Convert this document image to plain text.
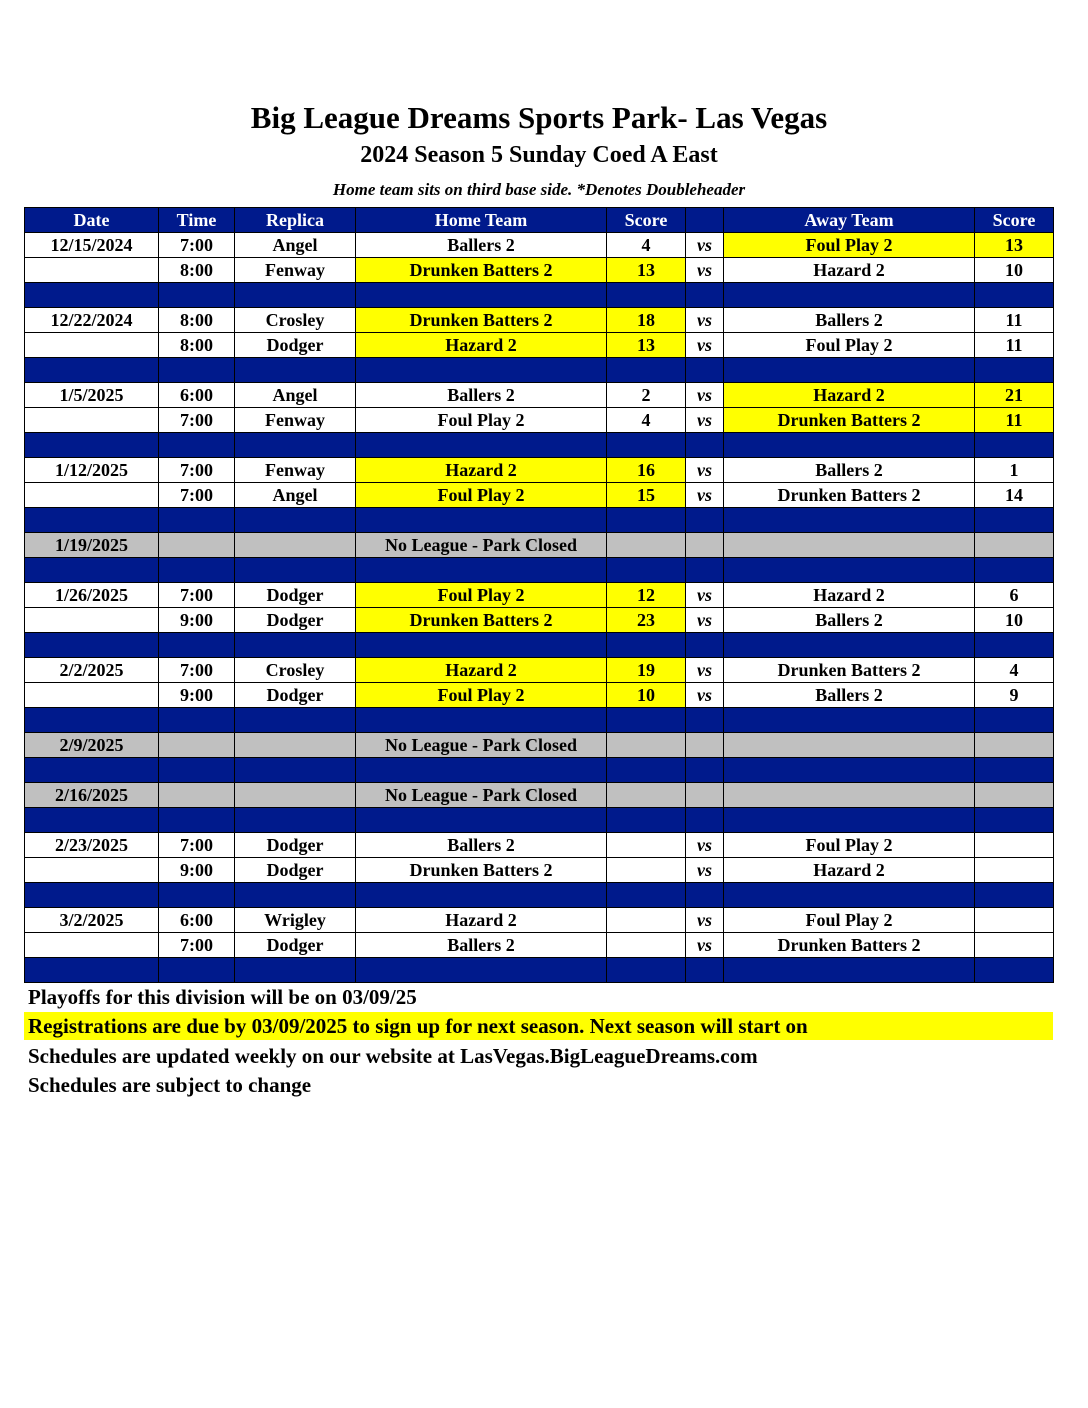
Big League Dreams Sports Park- Las Vegas
2024 Season 5 Sunday Coed A East
Home team sits on third base side. *Denotes Doubleheader
Date	Time	Replica	Home Team	Score		Away Team	Score
12/15/2024	7:00	Angel	Ballers 2	4	vs	Foul Play 2	13
	8:00	Fenway	Drunken Batters 2	13	vs	Hazard 2	10

12/22/2024	8:00	Crosley	Drunken Batters 2	18	vs	Ballers 2	11
	8:00	Dodger	Hazard 2	13	vs	Foul Play 2	11

1/5/2025	6:00	Angel	Ballers 2	2	vs	Hazard 2	21
	7:00	Fenway	Foul Play 2	4	vs	Drunken Batters 2	11

1/12/2025	7:00	Fenway	Hazard 2	16	vs	Ballers 2	1
	7:00	Angel	Foul Play 2	15	vs	Drunken Batters 2	14

1/19/2025			No League - Park Closed				

1/26/2025	7:00	Dodger	Foul Play 2	12	vs	Hazard 2	6
	9:00	Dodger	Drunken Batters 2	23	vs	Ballers 2	10

2/2/2025	7:00	Crosley	Hazard 2	19	vs	Drunken Batters 2	4
	9:00	Dodger	Foul Play 2	10	vs	Ballers 2	9

2/9/2025			No League - Park Closed				

2/16/2025			No League - Park Closed				

2/23/2025	7:00	Dodger	Ballers 2		vs	Foul Play 2	
	9:00	Dodger	Drunken Batters 2		vs	Hazard 2	

3/2/2025	6:00	Wrigley	Hazard 2		vs	Foul Play 2	
	7:00	Dodger	Ballers 2		vs	Drunken Batters 2	

Playoffs for this division will be on 03/09/25
Registrations are due by 03/09/2025 to sign up for next season. Next season will start on
Schedules are updated weekly on our website at LasVegas.BigLeagueDreams.com
Schedules are subject to change
